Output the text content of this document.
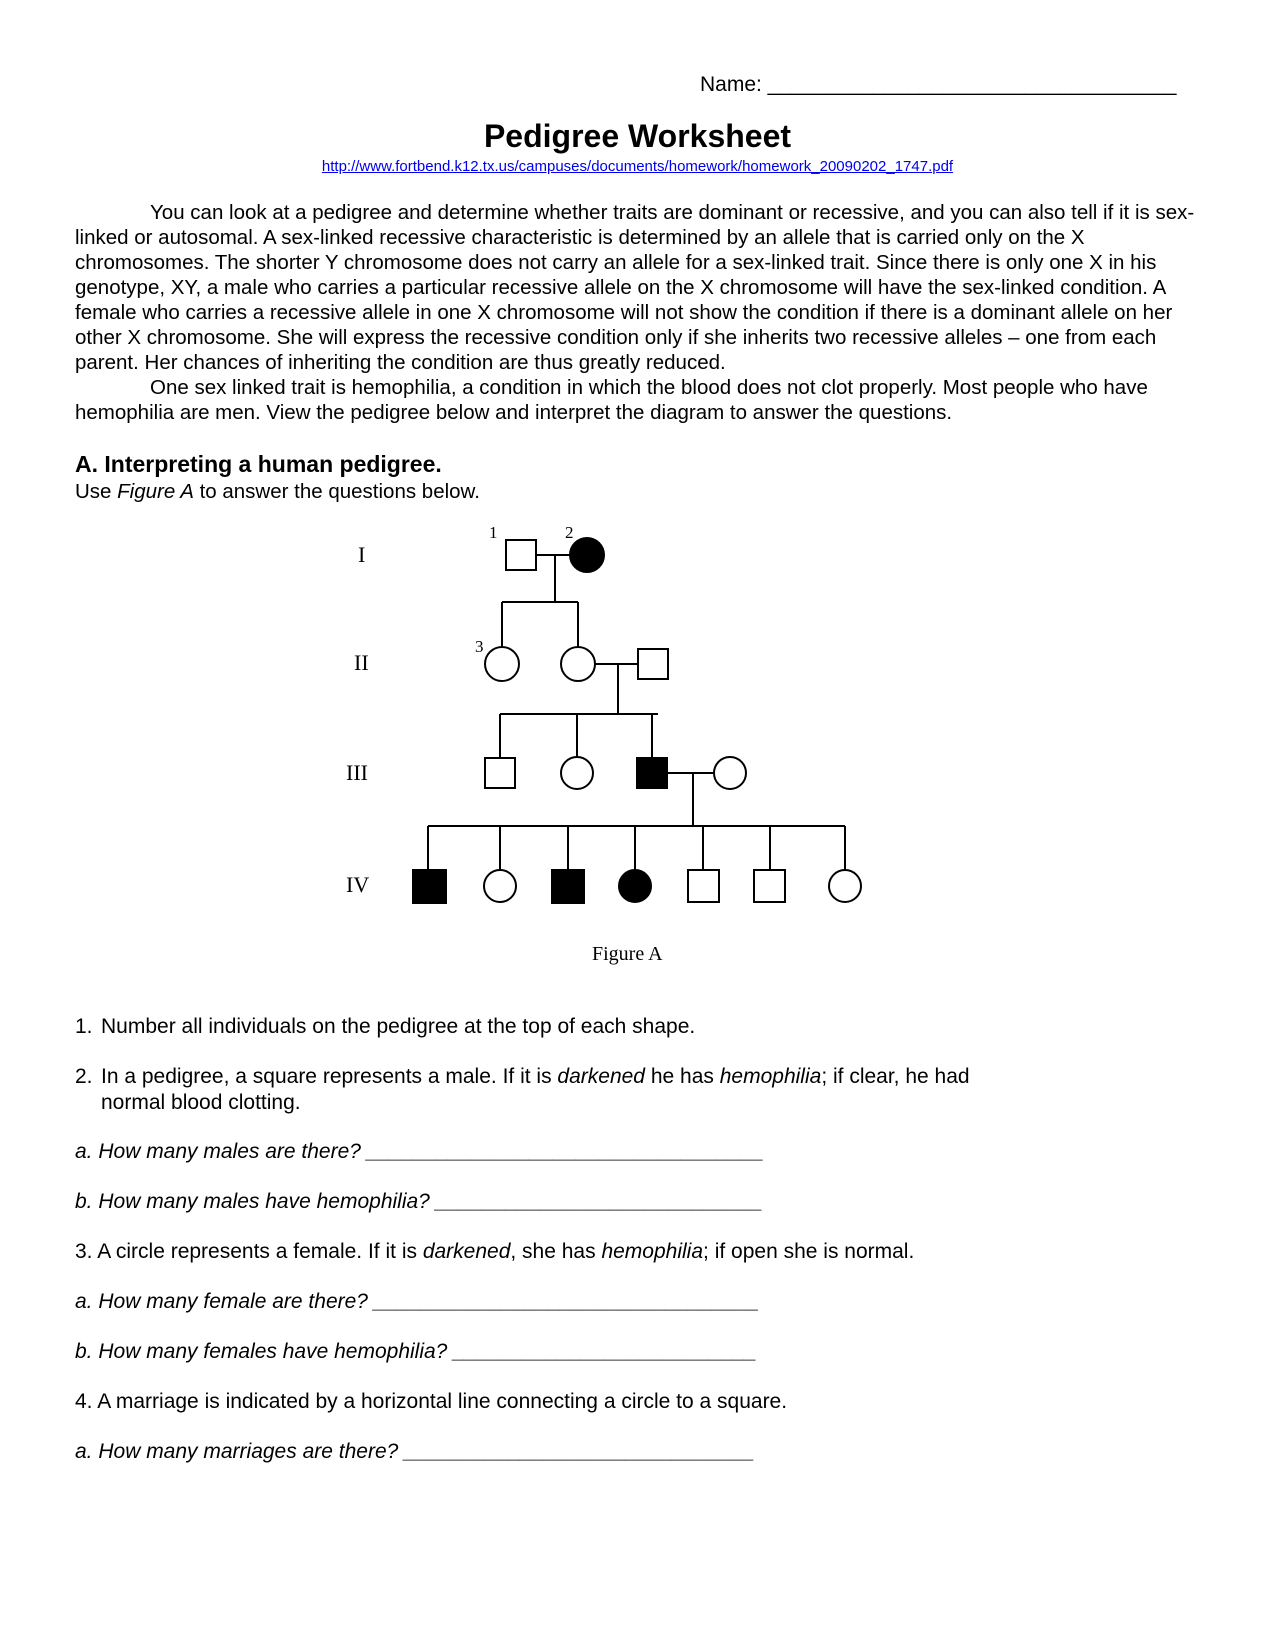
Name: ___________________________________
Pedigree Worksheet
http://www.fortbend.k12.tx.us/campuses/documents/homework/homework_20090202_1747.pdf

You can look at a pedigree and determine whether traits are dominant or recessive, and you can also tell if it is sex-linked or autosomal. A sex-linked recessive characteristic is determined by an allele that is carried only on the X chromosomes. The shorter Y chromosome does not carry an allele for a sex-linked trait. Since there is only one X in his genotype, XY, a male who carries a particular recessive allele on the X chromosome will have the sex-linked condition. A female who carries a recessive allele in one X chromosome will not show the condition if there is a dominant allele on her other X chromosome. She will express the recessive condition only if she inherits two recessive alleles – one from each parent. Her chances of inheriting the condition are thus greatly reduced.

One sex linked trait is hemophilia, a condition in which the blood does not clot properly. Most people who have hemophilia are men. View the pedigree below and interpret the diagram to answer the questions.

A. Interpreting a human pedigree.
Use Figure A to answer the questions below.
I
II
III
IV
1	2
3
Figure A
1. Number all individuals on the pedigree at the top of each shape.
2. In a pedigree, a square represents a male. If it is darkened he has hemophilia; if clear, he had
normal blood clotting.
a. How many males are there? __________________________________
b. How many males have hemophilia? ____________________________
3. A circle represents a female. If it is darkened, she has hemophilia; if open she is normal.
a. How many female are there? _________________________________
b. How many females have hemophilia? __________________________
4. A marriage is indicated by a horizontal line connecting a circle to a square.
a. How many marriages are there? ______________________________
